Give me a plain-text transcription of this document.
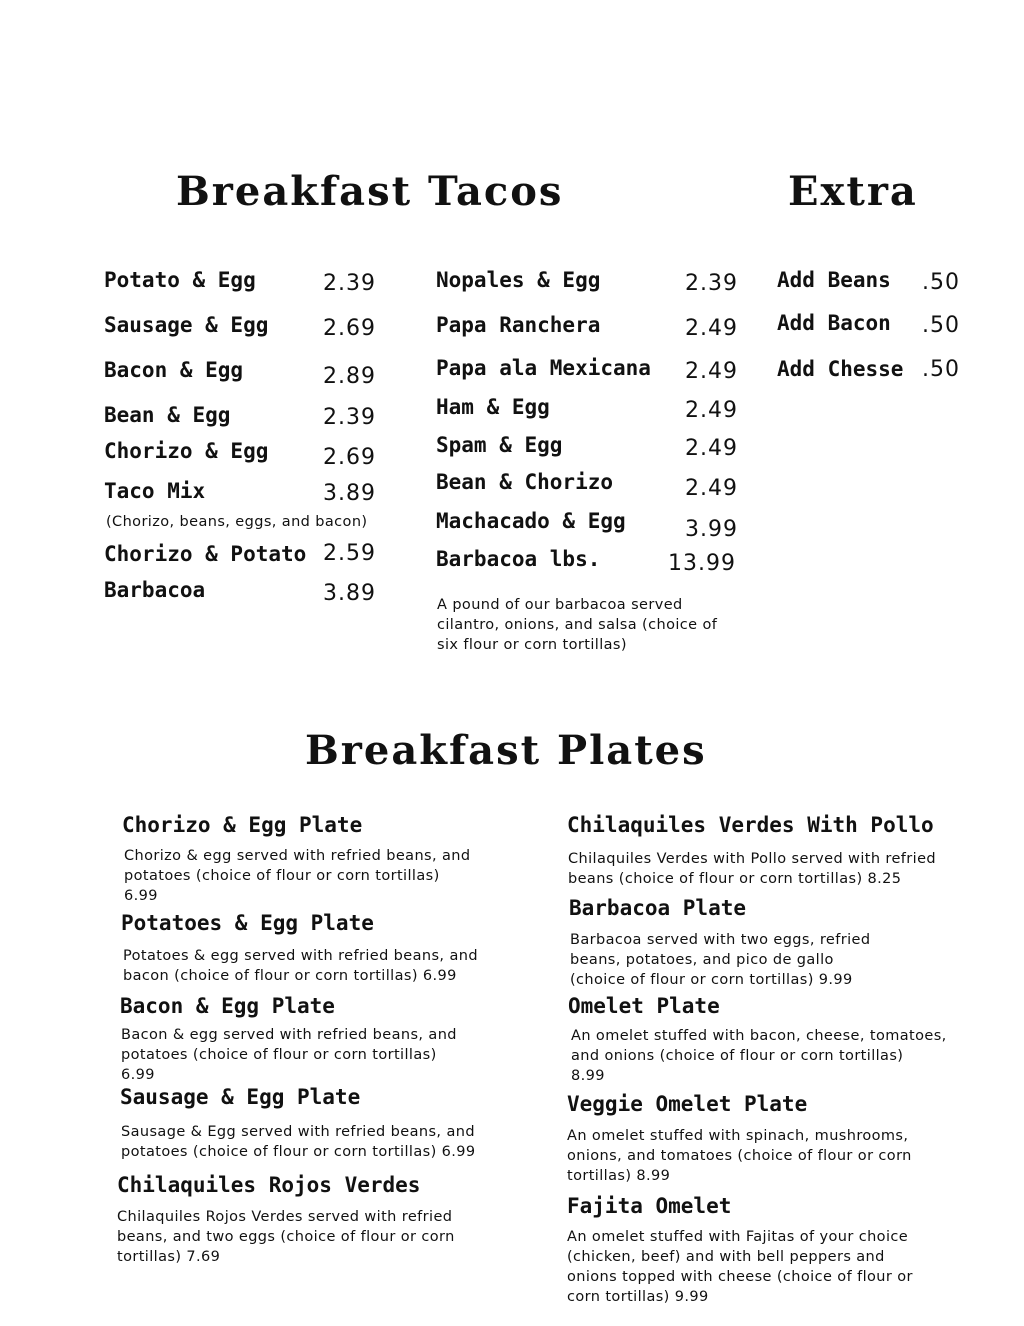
Breakfast Tacos	Extra
Breakfast Plates
Potato & Egg	2.39
Sausage & Egg 2.69
Bacon & Egg	2.89
Bean & Egg	2.39
Chorizo & Egg 2.69
Taco Mix	3.89
(Chorizo, beans, eggs, and bacon)
Chorizo & Potato 2.59
Barbacoa	3.89
Nopales & Egg	2.39
Papa Ranchera	2.49
Papa ala Mexicana 2.49
Ham & Egg	2.49
Spam & Egg	2.49
Bean & Chorizo	2.49
Machacado & Egg	3.99
Barbacoa lbs.	13.99
A pound of our barbacoa served
cilantro, onions, and salsa (choice of
six flour or corn tortillas)
Add Beans .50
Add Bacon .50
Add Chesse .50
Chorizo & Egg Plate
Chorizo & egg served with refried beans, and
potatoes (choice of flour or corn tortillas)
6.99
Potatoes & Egg Plate
Potatoes & egg served with refried beans, and
bacon (choice of flour or corn tortillas) 6.99
Bacon & Egg Plate
Bacon & egg served with refried beans, and
potatoes (choice of flour or corn tortillas)
6.99
Sausage & Egg Plate
Sausage & Egg served with refried beans, and
potatoes (choice of flour or corn tortillas) 6.99
Chilaquiles Rojos Verdes
Chilaquiles Rojos Verdes served with refried
beans, and two eggs (choice of flour or corn
tortillas) 7.69
Chilaquiles Verdes With Pollo
Chilaquiles Verdes with Pollo served with refried
beans (choice of flour or corn tortillas) 8.25
Barbacoa Plate
Barbacoa served with two eggs, refried
beans, potatoes, and pico de gallo
(choice of flour or corn tortillas) 9.99
Omelet Plate
An omelet stuffed with bacon, cheese, tomatoes,
and onions (choice of flour or corn tortillas)
8.99
Veggie Omelet Plate
An omelet stuffed with spinach, mushrooms,
onions, and tomatoes (choice of flour or corn
tortillas) 8.99
Fajita Omelet
An omelet stuffed with Fajitas of your choice
(chicken, beef) and with bell peppers and
onions topped with cheese (choice of flour or
corn tortillas) 9.99
